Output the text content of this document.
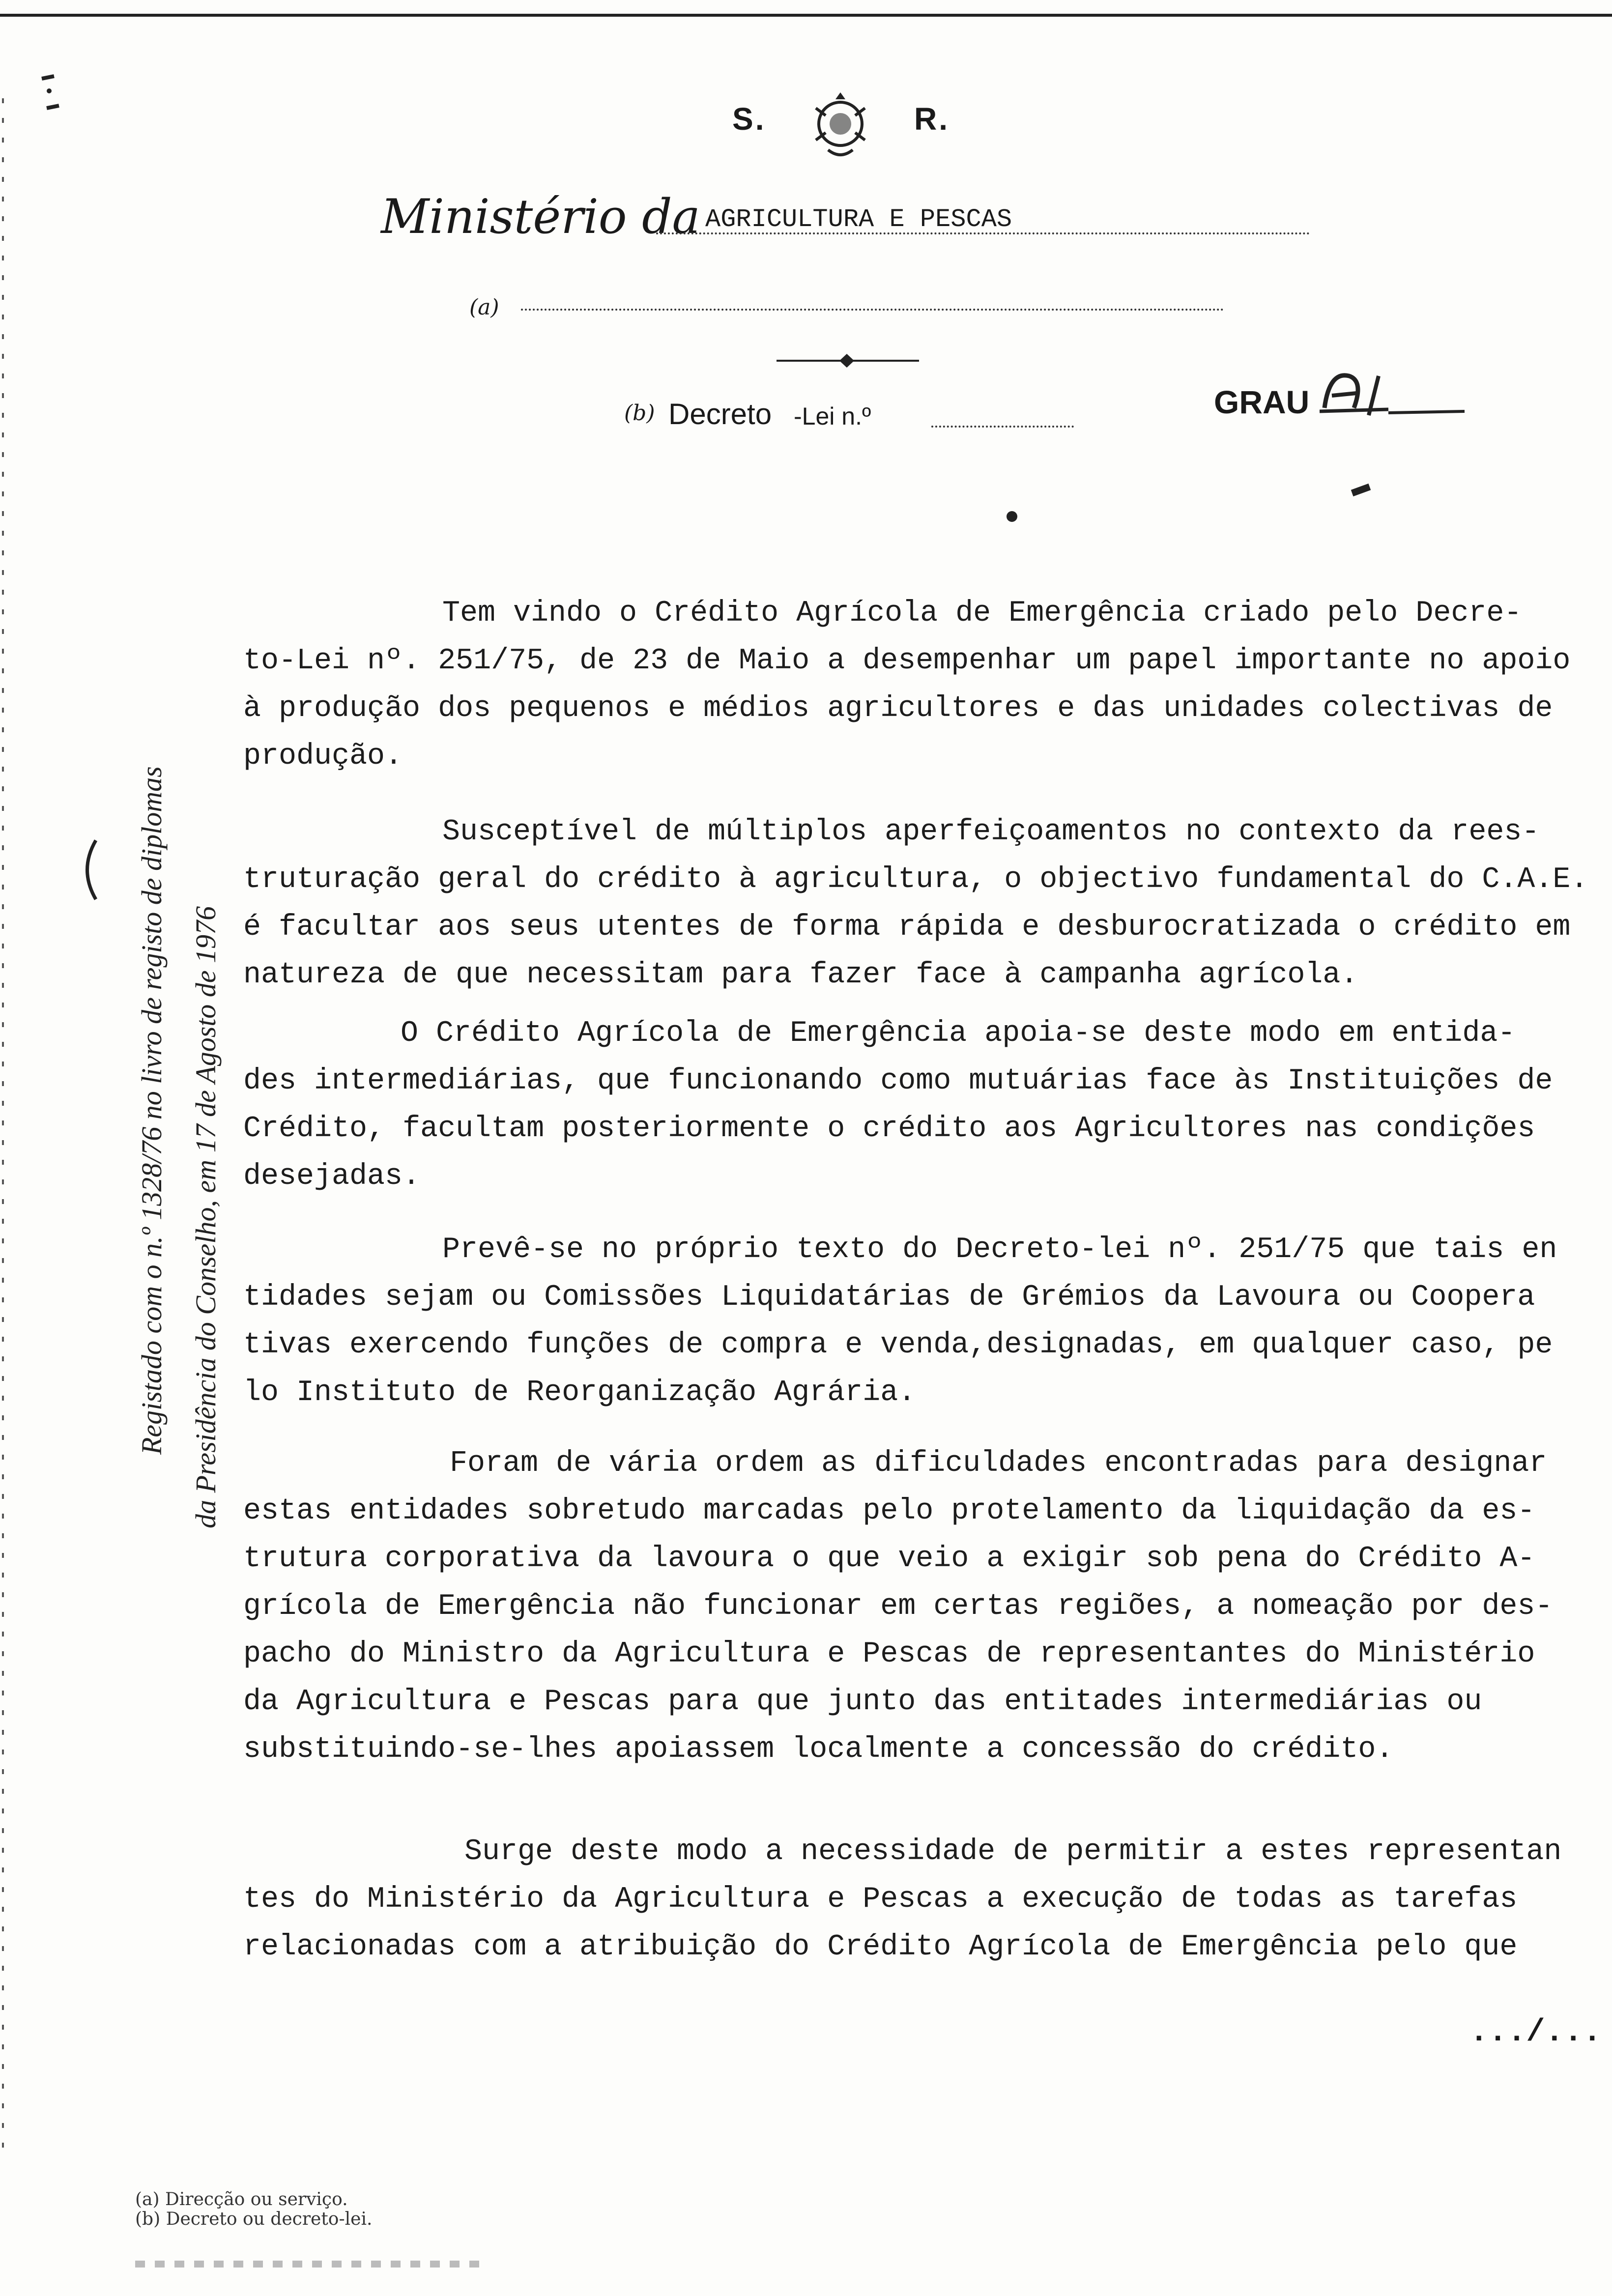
S.	R.
Ministério da AGRICULTURA E PESCAS
(a)
(b) Decreto -Lei n.º	GRAU
Registado com o n.º 1328/76 no livro de registo de diplomas da Presidência do Conselho, em 17 de Agosto de 1976
Tem vindo o Crédito Agrícola de Emergência criado pelo Decre-
to-Lei nº. 251/75, de 23 de Maio a desempenhar um papel importante no apoio
à produção dos pequenos e médios agricultores e das unidades colectivas de
produção.
Susceptível de múltiplos aperfeiçoamentos no contexto da rees-
truturação geral do crédito à agricultura, o objectivo fundamental do C.A.E.
é facultar aos seus utentes de forma rápida e desburocratizada o crédito em
natureza de que necessitam para fazer face à campanha agrícola.
O Crédito Agrícola de Emergência apoia-se deste modo em entida-
des intermediárias, que funcionando como mutuárias face às Instituições de
Crédito, facultam posteriormente o crédito aos Agricultores nas condições
desejadas.
Prevê-se no próprio texto do Decreto-lei nº. 251/75 que tais en
tidades sejam ou Comissões Liquidatárias de Grémios da Lavoura ou Coopera
tivas exercendo funções de compra e venda,designadas, em qualquer caso, pe
lo Instituto de Reorganização Agrária.
Foram de vária ordem as dificuldades encontradas para designar
estas entidades sobretudo marcadas pelo protelamento da liquidação da es-
trutura corporativa da lavoura o que veio a exigir sob pena do Crédito A-
grícola de Emergência não funcionar em certas regiões, a nomeação por des-
pacho do Ministro da Agricultura e Pescas de representantes do Ministério
da Agricultura e Pescas para que junto das entitades intermediárias ou
substituindo-se-lhes apoiassem localmente a concessão do crédito.
Surge deste modo a necessidade de permitir a estes representan
tes do Ministério da Agricultura e Pescas a execução de todas as tarefas
relacionadas com a atribuição do Crédito Agrícola de Emergência pelo que
.../...
(a) Direcção ou serviço.
(b) Decreto ou decreto-lei.
